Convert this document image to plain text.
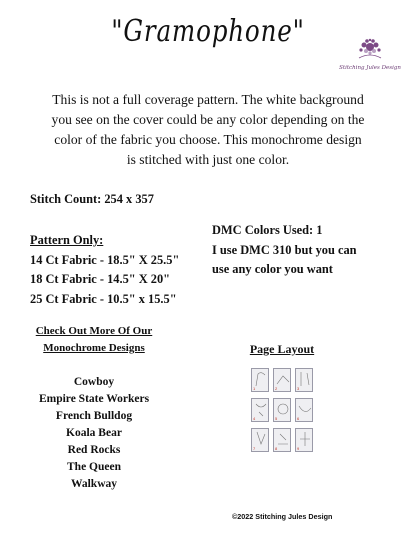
"Gramophone"
Stitching Jules Design
This is not a full coverage pattern. The white background
you see on the cover could be any color depending on the
color of the fabric you choose. This monochrome design
is stitched with just one color.
Stitch Count: 254 x 357
Pattern Only:
14 Ct Fabric - 18.5" X 25.5"
18 Ct Fabric - 14.5" X 20"
25 Ct Fabric - 10.5" x 15.5"
DMC Colors Used: 1
I use DMC 310 but you can
use any color you want
Check Out More Of Our
Monochrome Designs
Cowboy
Empire State Workers
French Bulldog
Koala Bear
Red Rocks
The Queen
Walkway
Page Layout
1	2	3
4	5	6
7	8	9
©2022 Stitching Jules Design
